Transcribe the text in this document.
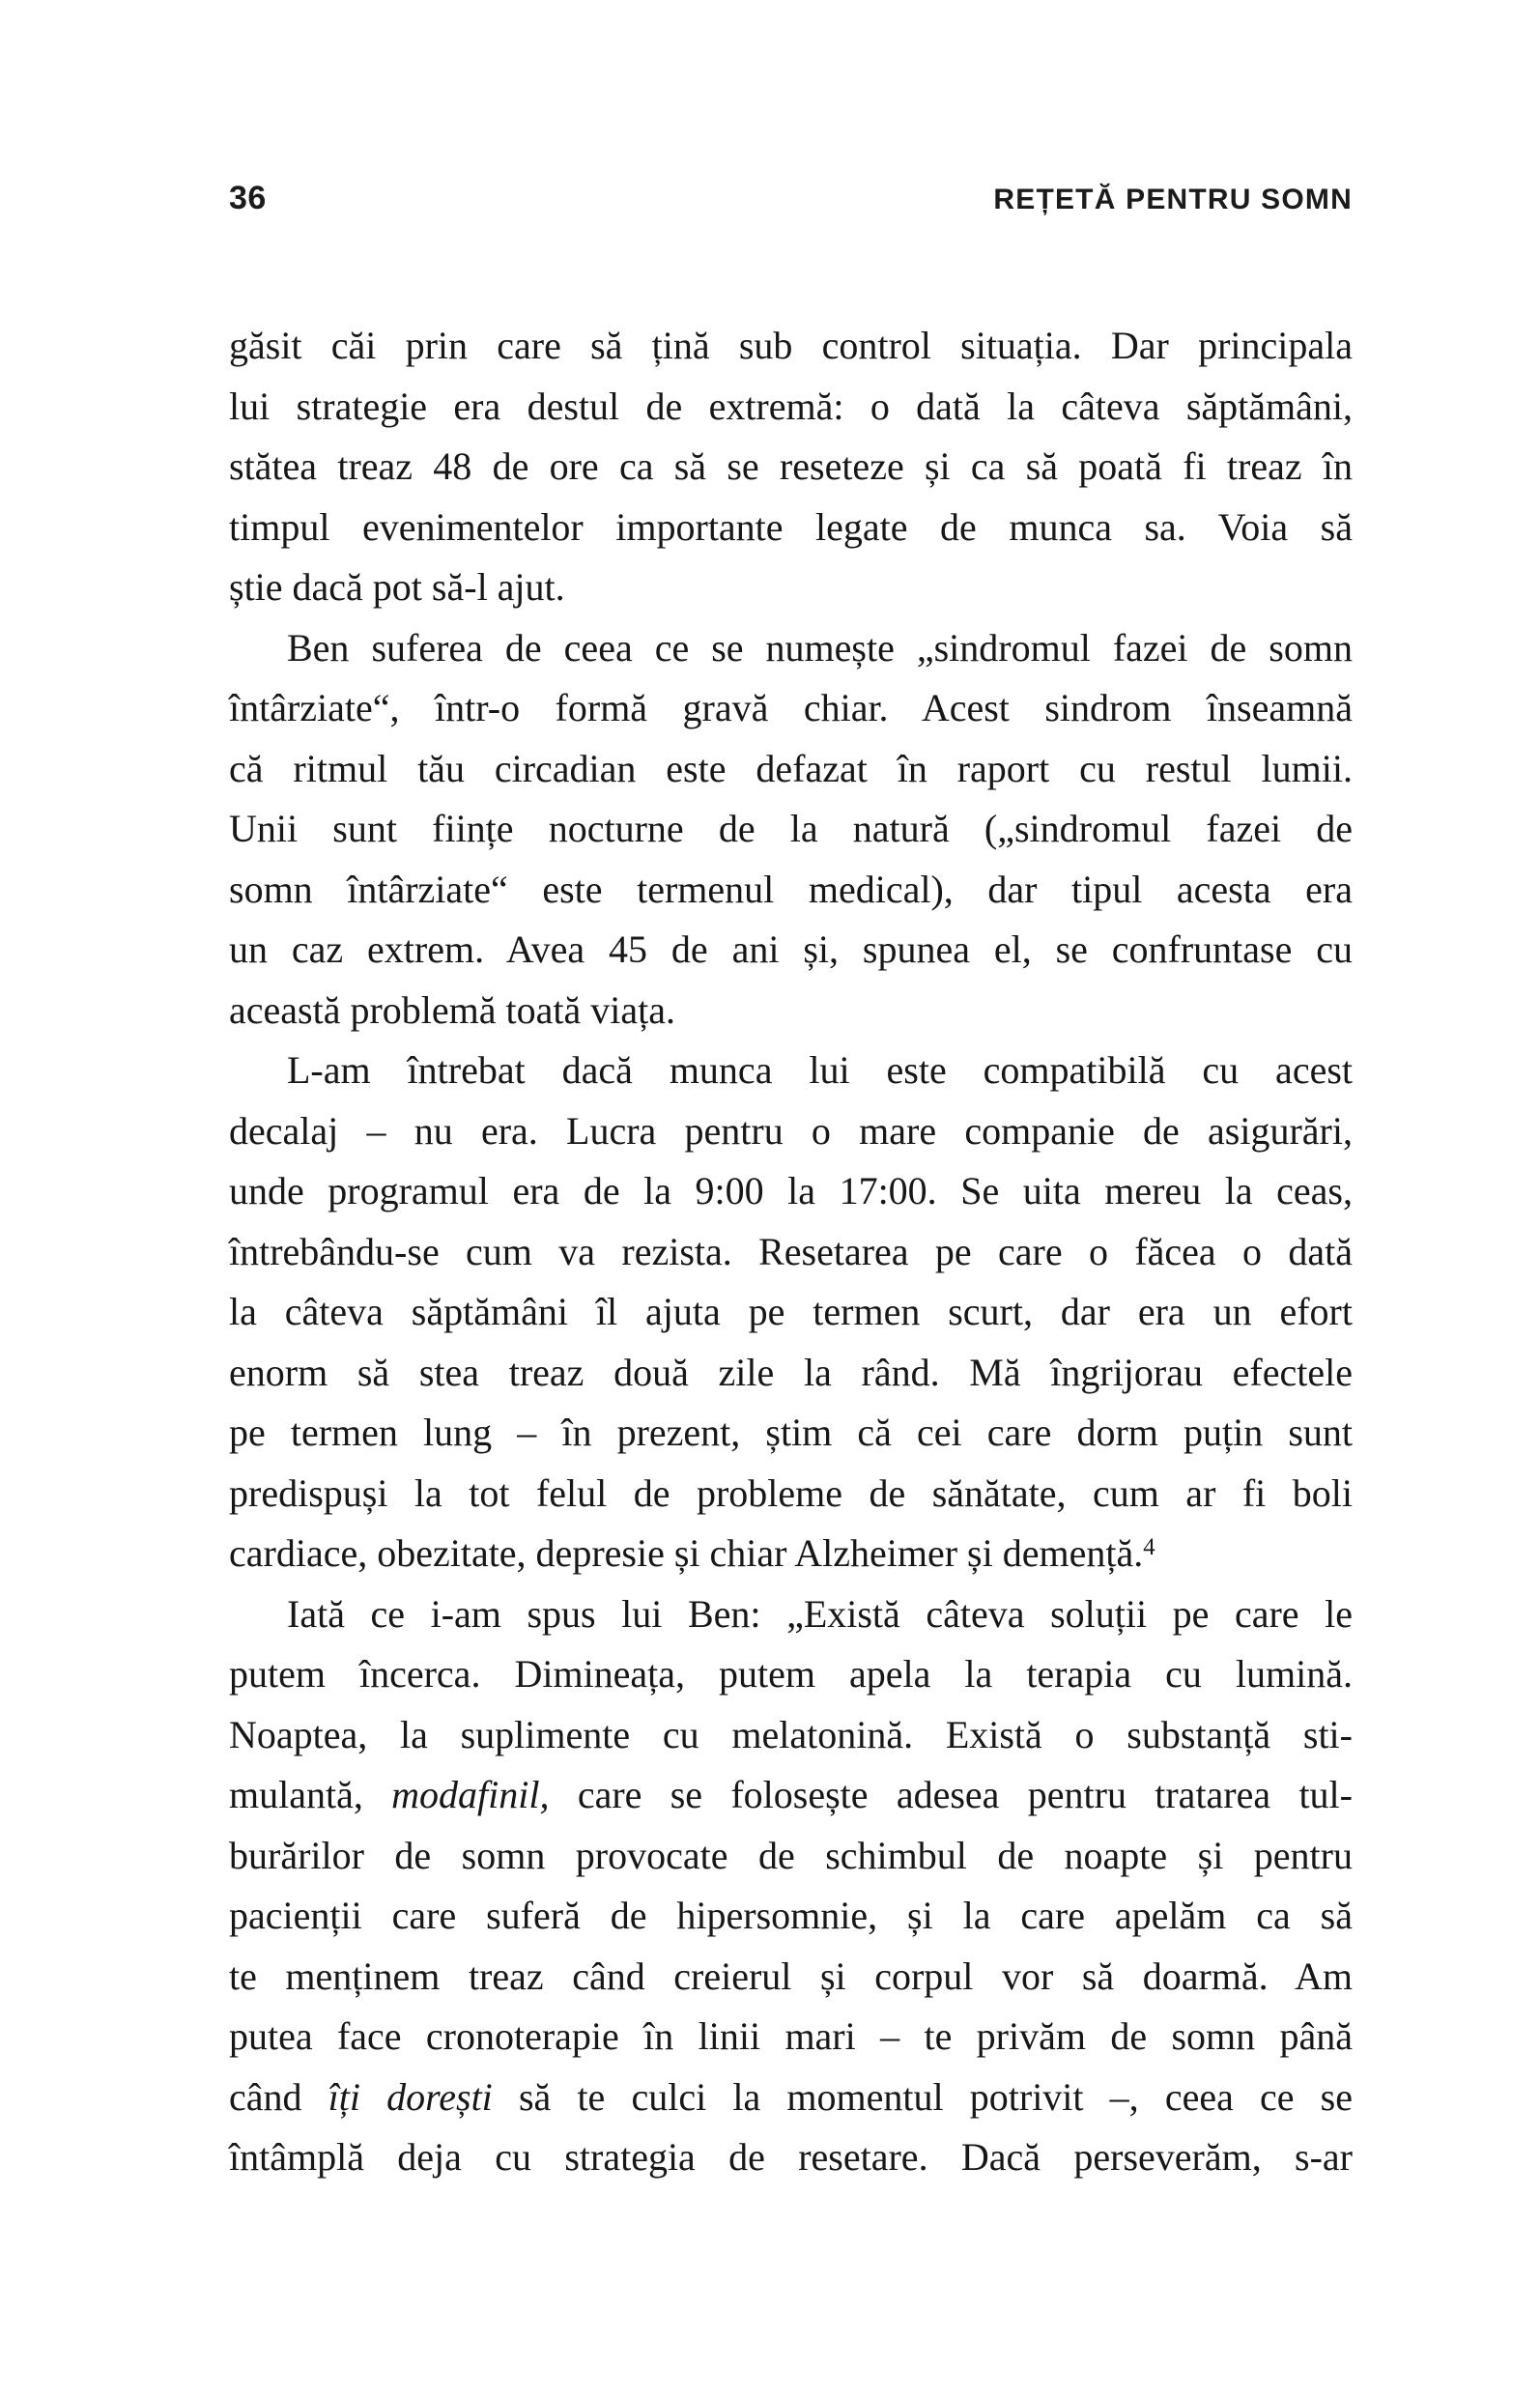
36	REȚETĂ PENTRU SOMN
găsit căi prin care să țină sub control situația. Dar principala
lui strategie era destul de extremă: o dată la câteva săptămâni,
stătea treaz 48 de ore ca să se reseteze și ca să poată fi treaz în
timpul evenimentelor importante legate de munca sa. Voia să
știe dacă pot să-l ajut.
Ben suferea de ceea ce se numește „sindromul fazei de somn
întârziate“, într-o formă gravă chiar. Acest sindrom înseamnă
că ritmul tău circadian este defazat în raport cu restul lumii.
Unii sunt ființe nocturne de la natură („sindromul fazei de
somn întârziate“ este termenul medical), dar tipul acesta era
un caz extrem. Avea 45 de ani și, spunea el, se confruntase cu
această problemă toată viața.
L-am întrebat dacă munca lui este compatibilă cu acest
decalaj – nu era. Lucra pentru o mare companie de asigurări,
unde programul era de la 9:00 la 17:00. Se uita mereu la ceas,
întrebându-se cum va rezista. Resetarea pe care o făcea o dată
la câteva săptămâni îl ajuta pe termen scurt, dar era un efort
enorm să stea treaz două zile la rând. Mă îngrijorau efectele
pe termen lung – în prezent, știm că cei care dorm puțin sunt
predispuși la tot felul de probleme de sănătate, cum ar fi boli
cardiace, obezitate, depresie și chiar Alzheimer și demență.$^4$
Iată ce i-am spus lui Ben: „Există câteva soluții pe care le
putem încerca. Dimineața, putem apela la terapia cu lumină.
Noaptea, la suplimente cu melatonină. Există o substanță sti-
mulantă, modafinil, care se folosește adesea pentru tratarea tul-
burărilor de somn provocate de schimbul de noapte și pentru
pacienții care suferă de hipersomnie, și la care apelăm ca să
te menținem treaz când creierul și corpul vor să doarmă. Am
putea face cronoterapie în linii mari – te privăm de somn până
când îți dorești să te culci la momentul potrivit –, ceea ce se
întâmplă deja cu strategia de resetare. Dacă perseverăm, s-ar
